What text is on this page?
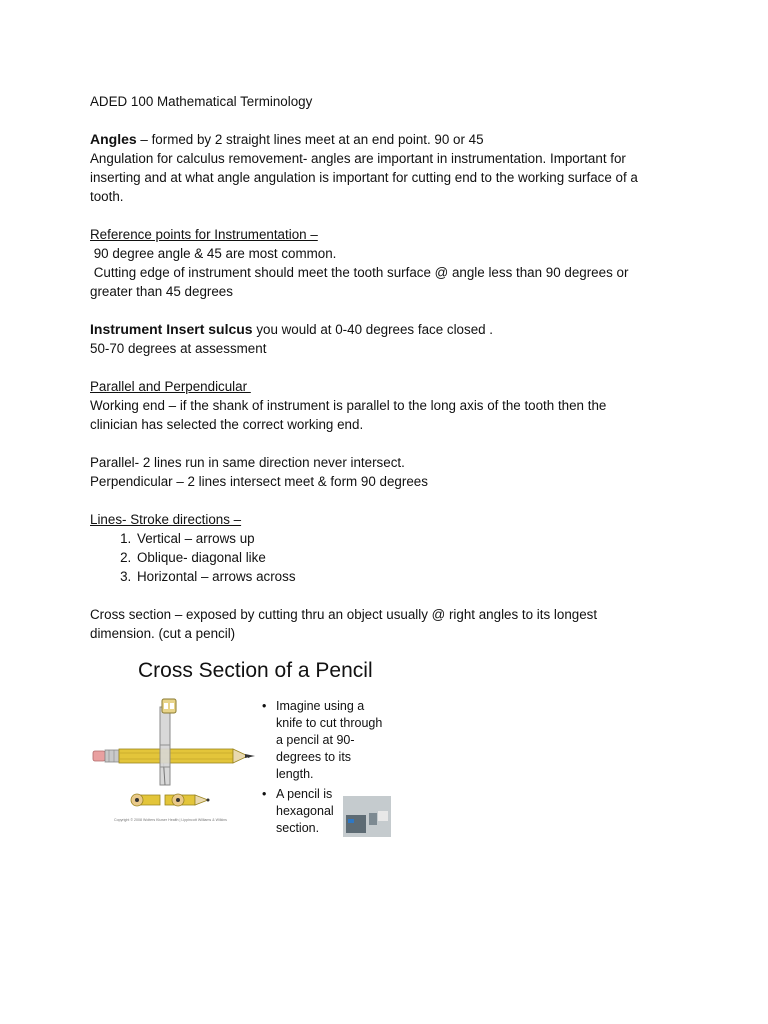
ADED 100 Mathematical Terminology
Angles – formed by 2 straight lines meet at an end point. 90 or 45
Angulation for calculus removement- angles are important in instrumentation. Important for
inserting and at what angle angulation is important for cutting end to the working surface of a
tooth.
Reference points for Instrumentation –
90 degree angle & 45 are most common.
Cutting edge of instrument should meet the tooth surface @ angle less than 90 degrees or
greater than 45 degrees
Instrument Insert sulcus you would at 0-40 degrees face closed .
50-70 degrees at assessment
Parallel and Perpendicular
Working end – if the shank of instrument is parallel to the long axis of the tooth then the
clinician has selected the correct working end.
Parallel- 2 lines run in same direction never intersect.
Perpendicular – 2 lines intersect meet & form 90 degrees
Lines- Stroke directions –
1. Vertical – arrows up
2. Oblique- diagonal like
3. Horizontal – arrows across
Cross section – exposed by cutting thru an object usually @ right angles to its longest
dimension. (cut a pencil)
Cross Section of a Pencil
Copyright © 2008 Wolters Kluwer Health | Lippincott Williams & Wilkins
• Imagine using a
knife to cut through
a pencil at 90-
degrees to its
length.
• A pencil is
hexagonal
section.
